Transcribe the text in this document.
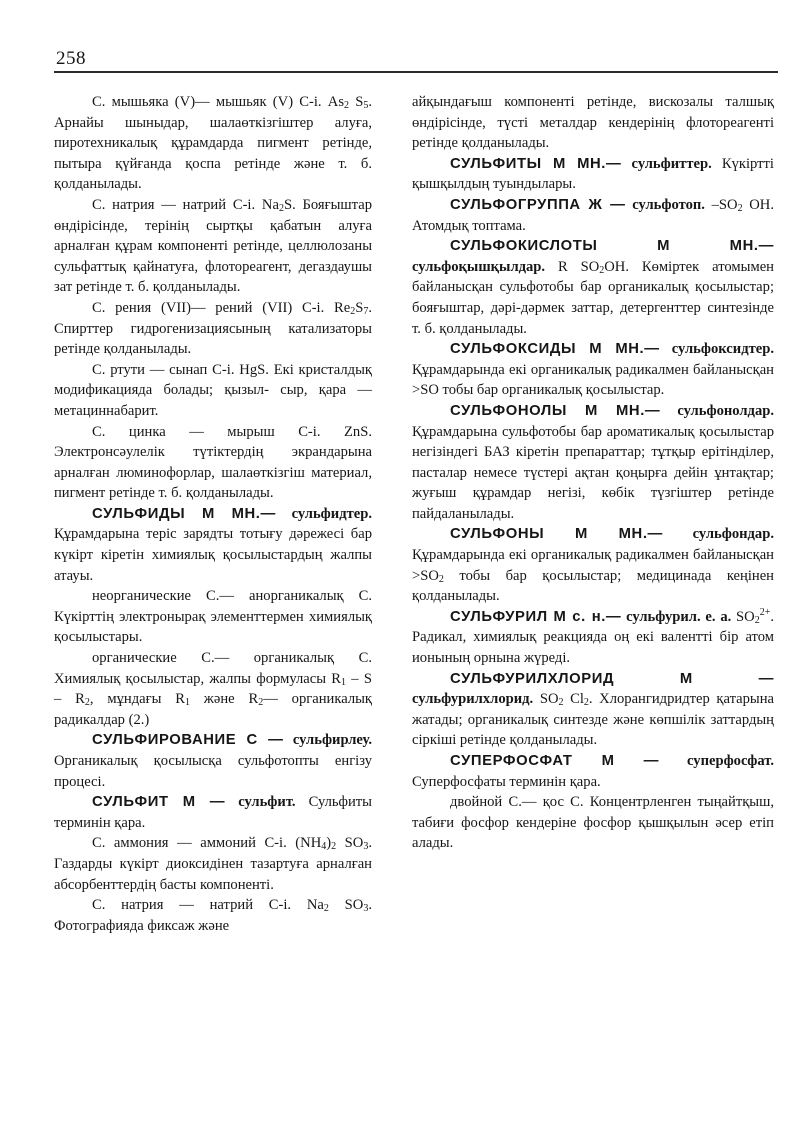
258

С. мышьяка (V)— мышьяк (V) С-і. $As_2$ $S_5$. Арнайы шыныдар, шалаөткізгіштер алуға, пиротехникалық құрамдарда пигмент ретінде, пытыра қүйғанда қоспа ретінде және т. б. қолданылады.

С. натрия — натрий С-і. $Na_2S$. Бояғыштар өндірісінде, терінің сыртқы қабатын алуға арналған құрам компоненті ретінде, целлюлозаны сульфаттық қайнатуға, флотореагент, дегаздаушы зат ретінде т. б. қолданылады.

С. рения (VII)— рений (VII) С-і. $Re_2S_7$. Спирттер гидрогенизациясының катализаторы ретінде қолданылады.

С. ртути — сынап С-і. HgS. Екі кристалдық модификацияда болады; қызыл- сыр, қара — метациннабарит.

С. цинка — мырыш С-і. ZnS. Электронсәулелік түтіктердің экрандарына арналған люминофорлар, шалаөткізгіш материал, пигмент ретінде т. б. қолданылады.

СУЛЬФИДЫ М МН.— сульфидтер. Құрамдарына теріс зарядты тотығу дәрежесі бар күкірт кіретін химиялық қосылыстардың жалпы атауы.

неорганические С.— анорганикалық С. Күкірттің электронырақ элементтермен химиялық қосылыстары.

органические С.— органикалық С. Химиялық қосылыстар, жалпы формуласы $R_1$ – S – $R_2$, мұндағы $R_1$ және $R_2—$ органикалық радикалдар (2.)

СУЛЬФИРОВАНИЕ С — сульфирлеу. Органикалық қосылысқа сульфотопты енгізу процесі.

СУЛЬФИТ М — сульфит. Сульфиты терминін қара.

С. аммония — аммоний С-і. $(NH_4)_2$ $SO_3$. Газдарды күкірт диоксидінен тазартуға арналған абсорбенттердің басты компоненті.

С. натрия — натрий С-і. $Na_2$ $SO_3$. Фотографияда фиксаж және

айқындағыш компоненті ретінде, вискозалы талшық өндірісінде, түсті металдар кендерінің флотореагенті ретінде қолданылады.

СУЛЬФИТЫ М МН.— сульфиттер. Күкіртті қышқылдың туындылары.

СУЛЬФОГРУППА Ж — сульфотоп. $-SO_2$ OH. Атомдық топтама.

СУЛЬФОКИСЛОТЫ М МН.— сульфоқышқылдар. R $SO_2OH$. Көміртек атомымен байланысқан сульфотобы бар органикалық қосылыстар; бояғыштар, дәрі-дәрмек заттар, детергенттер синтезінде т. б. қолданылады.

СУЛЬФОКСИДЫ М МН.— сульфоксидтер. Құрамдарында екі органикалық радикалмен байланысқан >SO тобы бар органикалық қосылыстар.

СУЛЬФОНОЛЫ М МН.— сульфонолдар. Құрамдарына сульфотобы бар ароматикалық қосылыстар негізіндегі БАЗ кіретін препараттар; тұтқыр ерітінділер, пасталар немесе түстері ақтан қоңырға дейін ұнтақтар; жуғыш құрамдар негізі, көбік түзгіштер ретінде пайдаланылады.

СУЛЬФОНЫ М МН.— сульфондар. Құрамдарында екі органикалық радикалмен байланысқан $>SO_2$ тобы бар қосылыстар; медицинада кеңінен қолданылады.

СУЛЬФУРИЛ М с. н.— сульфурил. е. а. $SO_2^{2+}$. Радикал, химиялық реакцияда оң екі валентті бір атом ионының орнына жүреді.

СУЛЬФУРИЛХЛОРИД М — сульфурилхлорид. $SO_2$ $Cl_2$. Хлорангидридтер қатарына жатады; органикалық синтезде және көпшілік заттардың сіркіші ретінде қолданылады.

СУПЕРФОСФАТ М — суперфосфат. Суперфосфаты терминін қара.

двойной С.— қос С. Концентрленген тыңайтқыш, табиғи фосфор кендеріне фосфор қышқылын әсер етіп алады.
